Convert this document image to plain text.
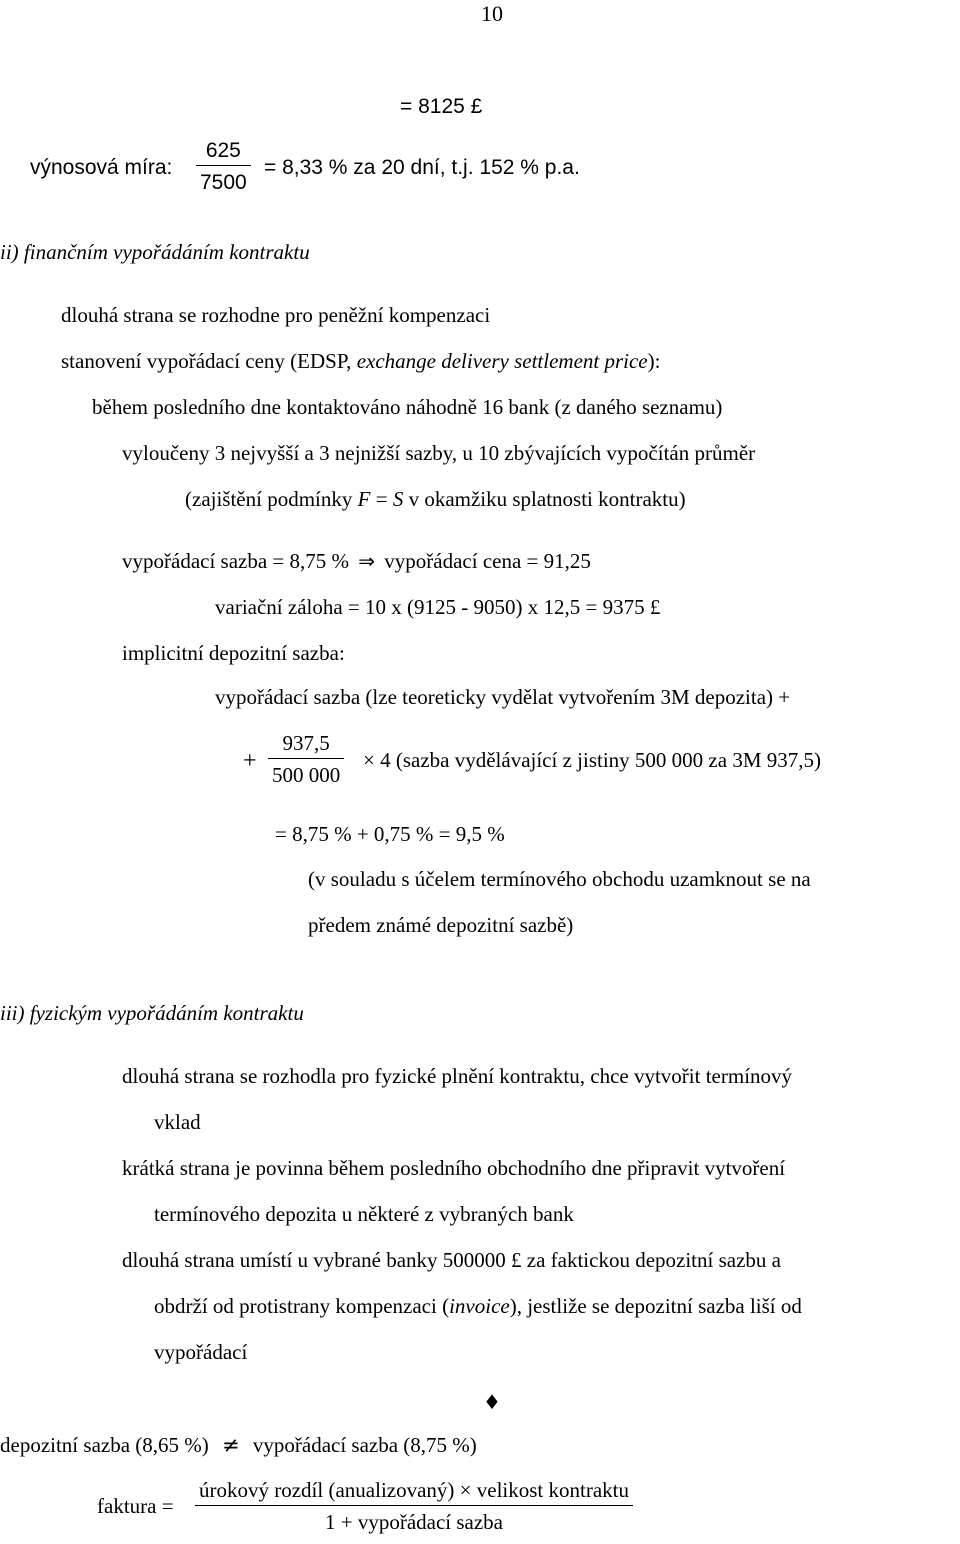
10
= 8125 £
výnosová míra:
625
7500
= 8,33 % za 20 dní, t.j. 152 % p.a.
ii) finančním vypořádáním kontraktu
dlouhá strana se rozhodne pro peněžní kompenzaci
stanovení vypořádací ceny (EDSP, exchange delivery settlement price):
během posledního dne kontaktováno náhodně 16 bank (z daného seznamu)
vyloučeny 3 nejvyšší a 3 nejnižší sazby, u 10 zbývajících vypočítán průměr
(zajištění podmínky F = S v okamžiku splatnosti kontraktu)
vypořádací sazba = 8,75 % ⇒ vypořádací cena = 91,25
variační záloha = 10 x (9125 - 9050) x 12,5 = 9375 £
implicitní depozitní sazba:
vypořádací sazba (lze teoreticky vydělat vytvořením 3M depozita) +
+
937,5
500 000
× 4 (sazba vydělávající z jistiny 500 000 za 3M 937,5)
= 8,75 % + 0,75 % = 9,5 %
(v souladu s účelem termínového obchodu uzamknout se na
předem známé depozitní sazbě)
iii) fyzickým vypořádáním kontraktu
dlouhá strana se rozhodla pro fyzické plnění kontraktu, chce vytvořit termínový
vklad
krátká strana je povinna během posledního obchodního dne připravit vytvoření
termínového depozita u některé z vybraných bank
dlouhá strana umístí u vybrané banky 500000 £ za faktickou depozitní sazbu a
obdrží od protistrany kompenzaci (invoice), jestliže se depozitní sazba liší od
vypořádací
♦
depozitní sazba (8,65 %) ≠ vypořádací sazba (8,75 %)
faktura =
úrokový rozdíl (anualizovaný) × velikost kontraktu
1 + vypořádací sazba
